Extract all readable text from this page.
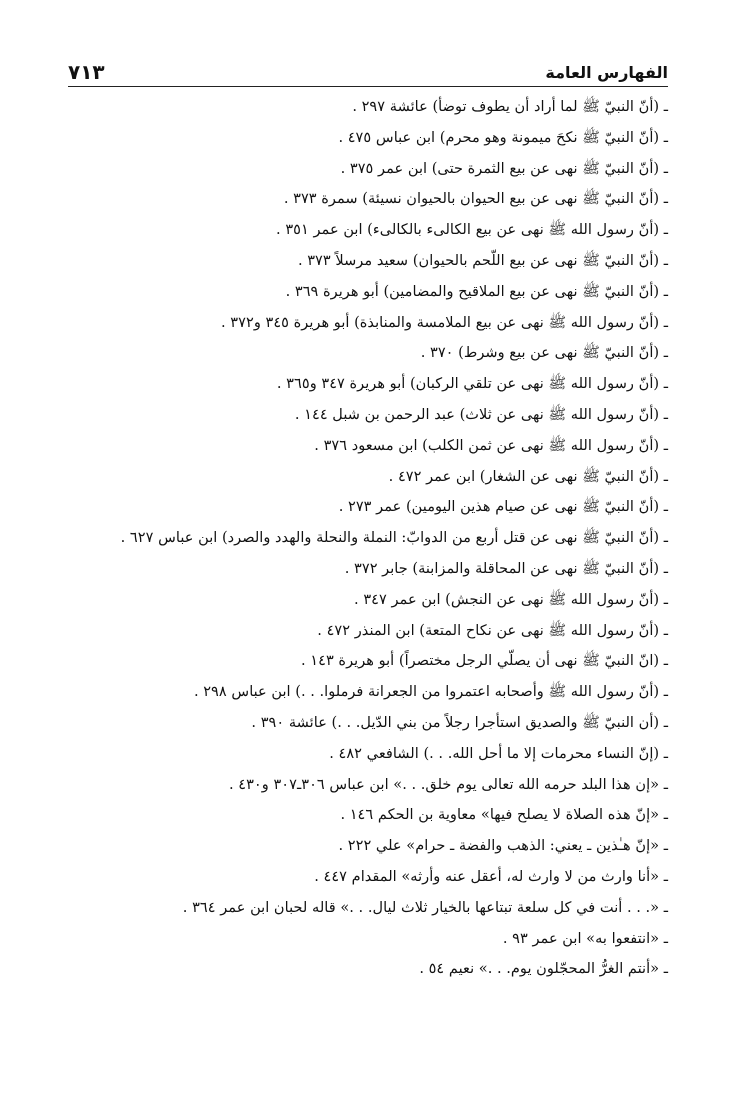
الفهارس العامة
٧١٣
ـ (أنّ النبيّ ﷺ لما أراد أن يطوف توضأ) عائشة ٢٩٧ .
ـ (أنّ النبيّ ﷺ نكحَ ميمونة وهو محرم) ابن عباس ٤٧٥ .
ـ (أنّ النبيّ ﷺ نهى عن بيع الثمرة حتى) ابن عمر ٣٧٥ .
ـ (أنّ النبيّ ﷺ نهى عن بيع الحيوان بالحيوان نسيئة) سمرة ٣٧٣ .
ـ (أنّ رسول الله ﷺ نهى عن بيع الكالىء بالكالىء) ابن عمر ٣٥١ .
ـ (أنّ النبيّ ﷺ نهى عن بيع اللّحم بالحيوان) سعيد مرسلاً ٣٧٣ .
ـ (أنّ النبيّ ﷺ نهى عن بيع الملاقيح والمضامين) أبو هريرة ٣٦٩ .
ـ (أنّ رسول الله ﷺ نهى عن بيع الملامسة والمنابذة) أبو هريرة ٣٤٥ و٣٧٢ .
ـ (أنّ النبيّ ﷺ نهى عن بيع وشرط) ٣٧٠ .
ـ (أنّ رسول الله ﷺ نهى عن تلقي الركبان) أبو هريرة ٣٤٧ و٣٦٥ .
ـ (أنّ رسول الله ﷺ نهى عن ثلاث) عبد الرحمن بن شبل ١٤٤ .
ـ (أنّ رسول الله ﷺ نهى عن ثمن الكلب) ابن مسعود ٣٧٦ .
ـ (أنّ النبيّ ﷺ نهى عن الشغار) ابن عمر ٤٧٢ .
ـ (أنّ النبيّ ﷺ نهى عن صيام هذين اليومين) عمر ٢٧٣ .
ـ (أنّ النبيّ ﷺ نهى عن قتل أربع من الدوابّ: النملة والنحلة والهدد والصرد) ابن عباس ٦٢٧ .
ـ (أنّ النبيّ ﷺ نهى عن المحاقلة والمزابنة) جابر ٣٧٢ .
ـ (أنّ رسول الله ﷺ نهى عن النجش) ابن عمر ٣٤٧ .
ـ (أنّ رسول الله ﷺ نهى عن نكاح المتعة) ابن المنذر ٤٧٢ .
ـ (انّ النبيّ ﷺ نهى أن يصلّي الرجل مختصراً) أبو هريرة ١٤٣ .
ـ (أنّ رسول الله ﷺ وأصحابه اعتمروا من الجعرانة فرملوا. . .) ابن عباس ٢٩٨ .
ـ (أن النبيّ ﷺ والصديق استأجرا رجلاً من بني الدّيل. . .) عائشة ٣٩٠ .
ـ (إنّ النساء محرمات إلا ما أحل الله. . .) الشافعي ٤٨٢ .
ـ «إن هذا البلد حرمه الله تعالى يوم خلق. . .» ابن عباس ٣٠٦ـ٣٠٧ و٤٣٠ .
ـ «إنّ هذه الصلاة لا يصلح فيها» معاوية بن الحكم ١٤٦ .
ـ «إنّ هـٰذين ـ يعني: الذهب والفضة ـ حرام» علي ٢٢٢ .
ـ «أنا وارث من لا وارث له، أعقل عنه وأرثه» المقدام ٤٤٧ .
ـ «. . . أنت في كل سلعة تبتاعها بالخيار ثلاث ليال. . .» قاله لحبان ابن عمر ٣٦٤ .
ـ «انتفعوا به» ابن عمر ٩٣ .
ـ «أنتم الغرُّ المحجّلون يوم. . .» نعيم ٥٤ .
